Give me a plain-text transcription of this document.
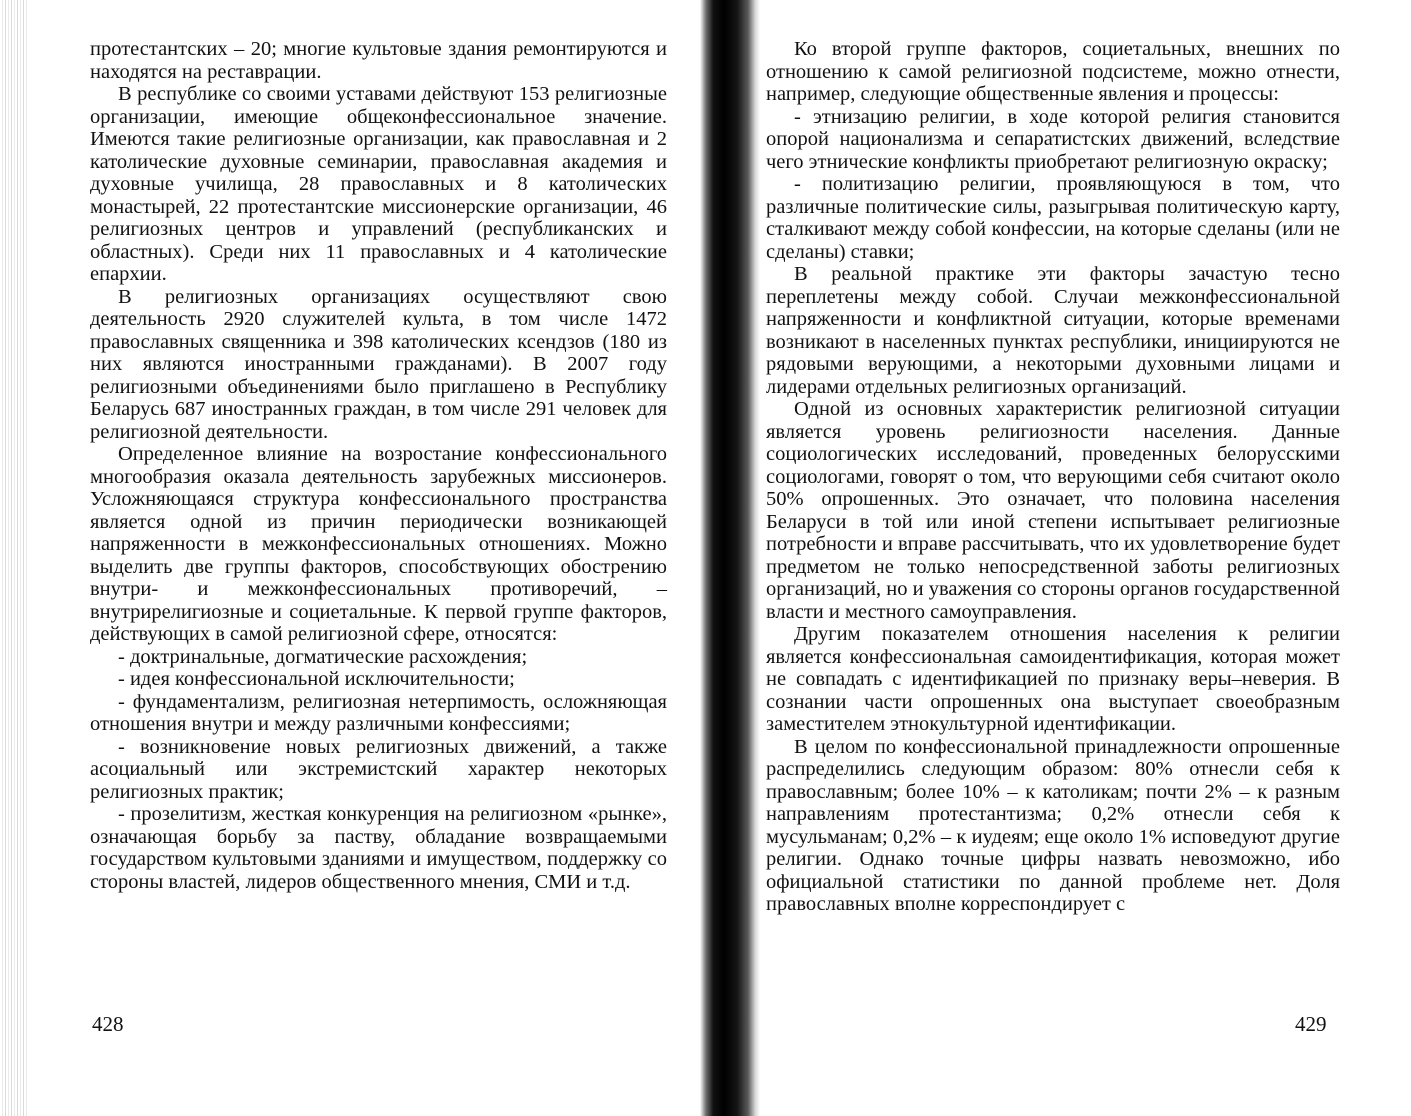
протестантских – 20; многие культовые здания ремонтируются и находятся на реставрации.

В республике со своими уставами действуют 153 религиозные организации, имеющие общеконфессиональное значение. Имеются такие религиозные организации, как православная и 2 католические духовные семинарии, православная академия и духовные училища, 28 православных и 8 католических монастырей, 22 протестантские миссионерские организации, 46 религиозных центров и управлений (республиканских и областных). Среди них 11 православных и 4 католические епархии.

В религиозных организациях осуществляют свою деятельность 2920 служителей культа, в том числе 1472 православных священника и 398 католических ксендзов (180 из них являются иностранными гражданами). В 2007 году религиозными объединениями было приглашено в Республику Беларусь 687 иностранных граждан, в том числе 291 человек для религиозной деятельности.

Определенное влияние на возростание конфессионального многообразия оказала деятельность зарубежных миссионеров. Усложняющаяся структура конфессионального пространства является одной из причин периодически возникающей напряженности в межконфессиональных отношениях. Можно выделить две группы факторов, способствующих обострению внутри- и межконфессиональных противоречий, – внутрирелигиозные и социетальные. К первой группе факторов, действующих в самой религиозной сфере, относятся:

- доктринальные, догматические расхождения;

- идея конфессиональной исключительности;

- фундаментализм, религиозная нетерпимость, осложняющая отношения внутри и между различными конфессиями;

- возникновение новых религиозных движений, а также асоциальный или экстремистский характер некоторых религиозных практик;

- прозелитизм, жесткая конкуренция на религиозном «рынке», означающая борьбу за паству, обладание возвращаемыми государством культовыми зданиями и имуществом, поддержку со стороны властей, лидеров общественного мнения, СМИ и т.д.

428

Ко второй группе факторов, социетальных, внешних по отношению к самой религиозной подсистеме, можно отнести, например, следующие общественные явления и процессы:

- этнизацию религии, в ходе которой религия становится опорой национализма и сепаратистских движений, вследствие чего этнические конфликты приобретают религиозную окраску;

- политизацию религии, проявляющуюся в том, что различные политические силы, разыгрывая политическую карту, сталкивают между собой конфессии, на которые сделаны (или не сделаны) ставки;

В реальной практике эти факторы зачастую тесно переплетены между собой. Случаи межконфессиональной напряженности и конфликтной ситуации, которые временами возникают в населенных пунктах республики, инициируются не рядовыми верующими, а некоторыми духовными лицами и лидерами отдельных религиозных организаций.

Одной из основных характеристик религиозной ситуации является уровень религиозности населения. Данные социологических исследований, проведенных белорусскими социологами, говорят о том, что верующими себя считают около 50% опрошенных. Это означает, что половина населения Беларуси в той или иной степени испытывает религиозные потребности и вправе рассчитывать, что их удовлетворение будет предметом не только непосредственной заботы религиозных организаций, но и уважения со стороны органов государственной власти и местного самоуправления.

Другим показателем отношения населения к религии является конфессиональная самоидентификация, которая может не совпадать с идентификацией по признаку веры–неверия. В сознании части опрошенных она выступает своеобразным заместителем этнокультурной идентификации.

В целом по конфессиональной принадлежности опрошенные распределились следующим образом: 80% отнесли себя к православным; более 10% – к католикам; почти 2% – к разным направлениям протестантизма; 0,2% отнесли себя к мусульманам; 0,2% – к иудеям; еще около 1% исповедуют другие религии. Однако точные цифры назвать невозможно, ибо официальной статистики по данной проблеме нет. Доля православных вполне корреспондирует с

429
